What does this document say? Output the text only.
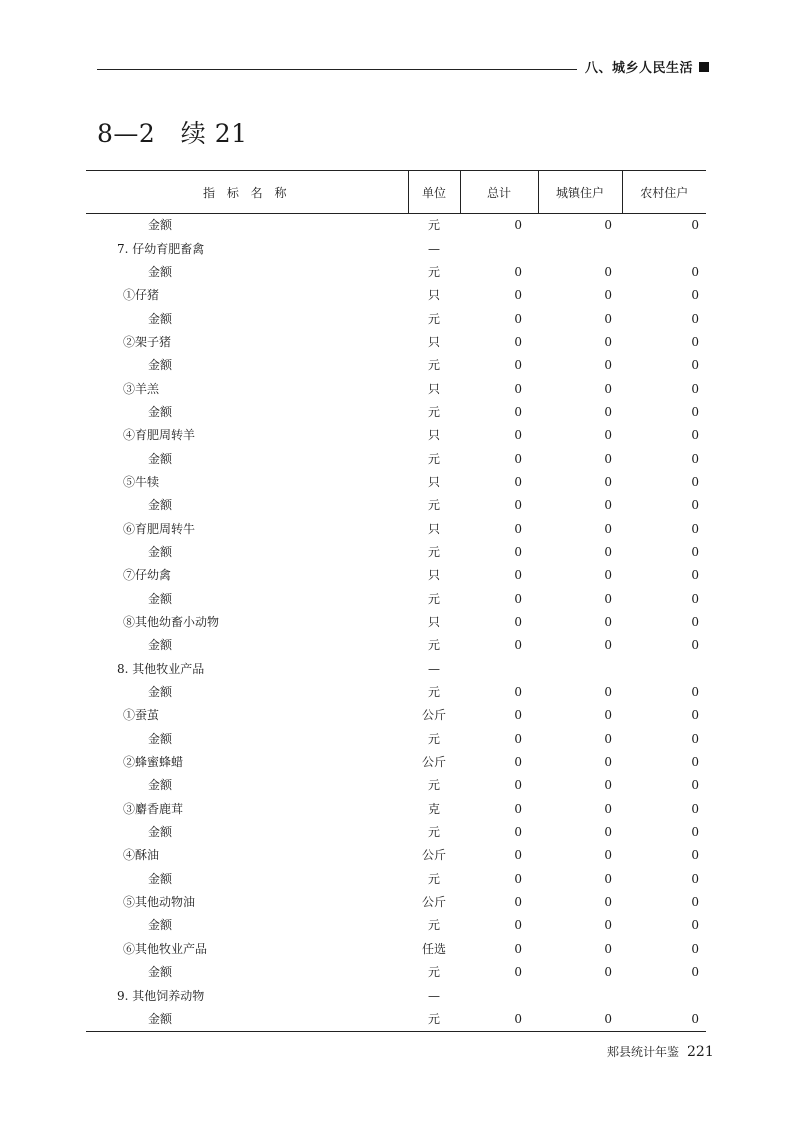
八、城乡人民生活
8—2　续 21
指 标 名 称	单位	总计	城镇住户	农村住户
金额	元	0	0	0
7. 仔幼育肥畜禽	—			
金额	元	0	0	0
①仔猪	只	0	0	0
金额	元	0	0	0
②架子猪	只	0	0	0
金额	元	0	0	0
③羊羔	只	0	0	0
金额	元	0	0	0
④育肥周转羊	只	0	0	0
金额	元	0	0	0
⑤牛犊	只	0	0	0
金额	元	0	0	0
⑥育肥周转牛	只	0	0	0
金额	元	0	0	0
⑦仔幼禽	只	0	0	0
金额	元	0	0	0
⑧其他幼畜小动物	只	0	0	0
金额	元	0	0	0
8. 其他牧业产品	—			
金额	元	0	0	0
①蚕茧	公斤	0	0	0
金额	元	0	0	0
②蜂蜜蜂蜡	公斤	0	0	0
金额	元	0	0	0
③麝香鹿茸	克	0	0	0
金额	元	0	0	0
④酥油	公斤	0	0	0
金额	元	0	0	0
⑤其他动物油	公斤	0	0	0
金额	元	0	0	0
⑥其他牧业产品	任选	0	0	0
金额	元	0	0	0
9. 其他饲养动物	—			
金额	元	0	0	0
郏县统计年鉴 221
